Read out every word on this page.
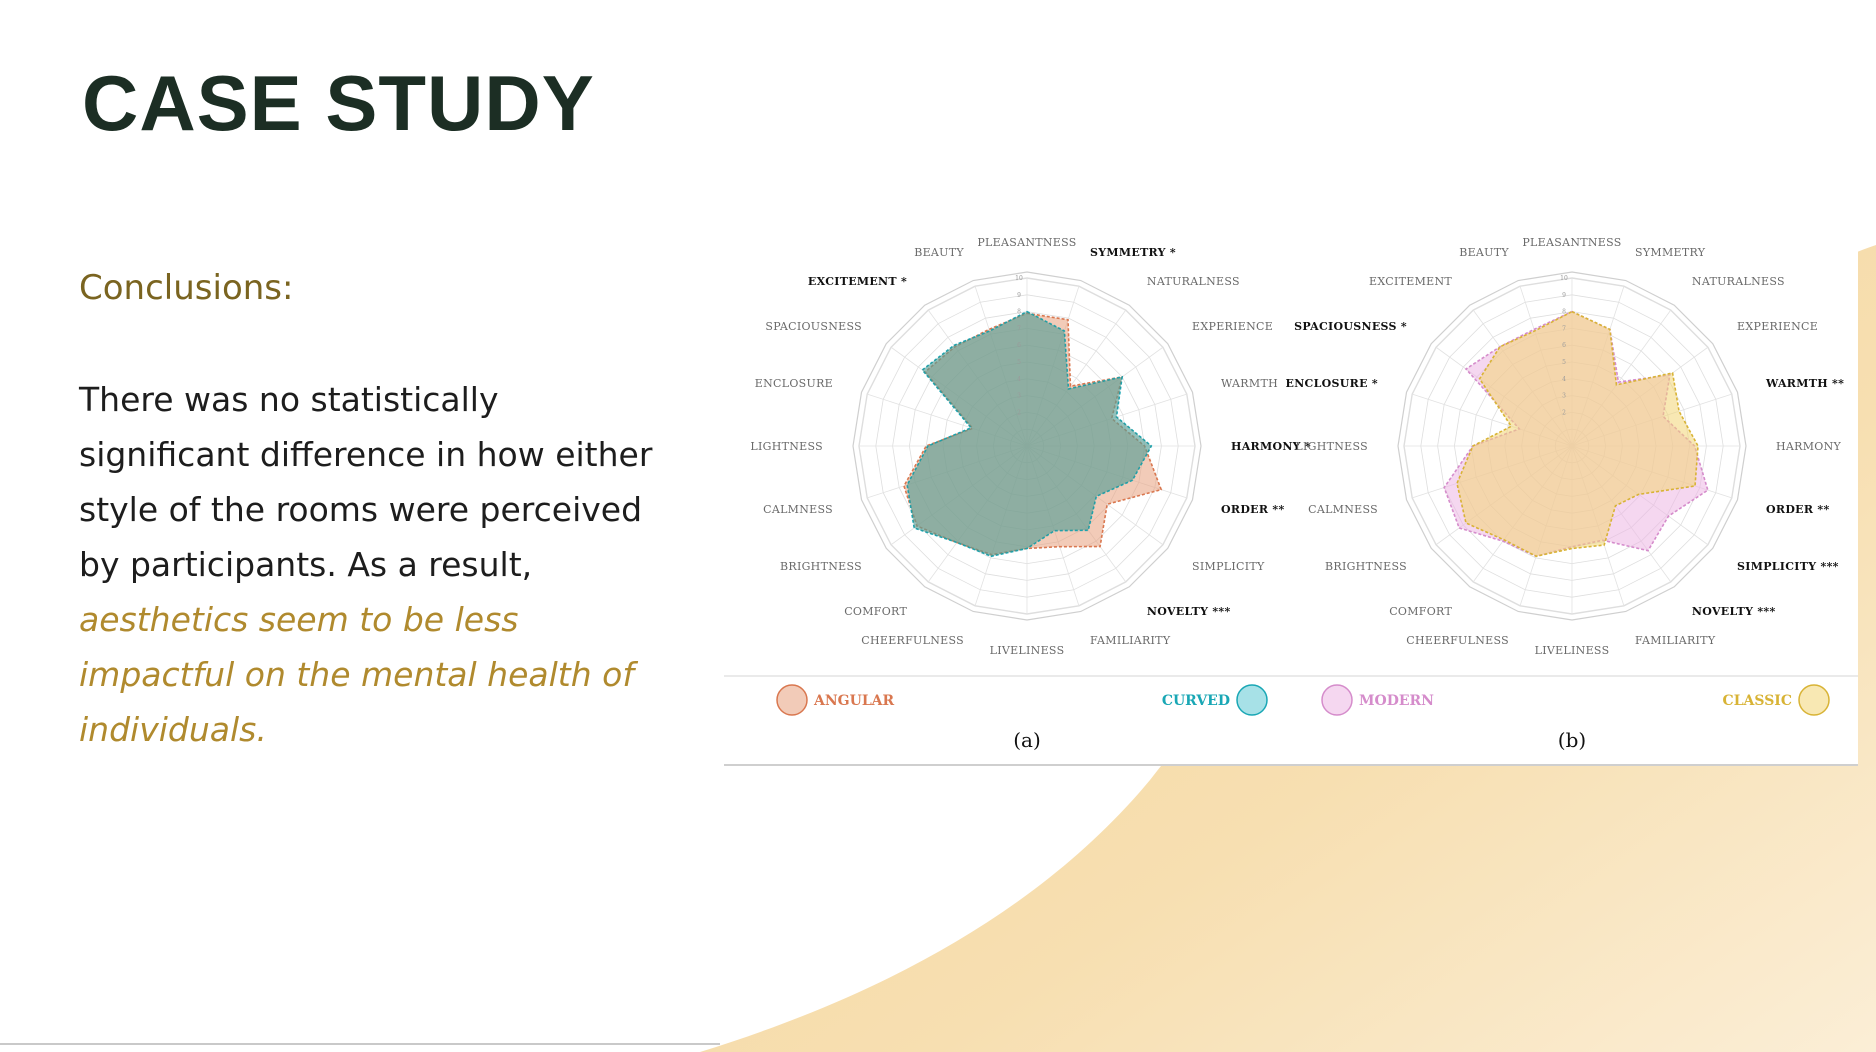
CASE STUDY
Conclusions:
There was no statistically significant difference in how either style of the rooms were perceived by participants. As a result, aesthetics seem to be less impactful on the mental health of individuals.
2
3
4
5
6
7
8
9
10
PLEASANTNESS
SYMMETRY *
NATURALNESS
EXPERIENCE
WARMTH
HARMONY *
ORDER **
SIMPLICITY
NOVELTY ***
FAMILIARITY
LIVELINESS
CHEERFULNESS
COMFORT
BRIGHTNESS
CALMNESS
LIGHTNESS
ENCLOSURE
SPACIOUSNESS
EXCITEMENT *
BEAUTY
ANGULAR	CURVED
(a)
2
3
4
5
6
7
8
9
10
PLEASANTNESS
SYMMETRY
NATURALNESS
EXPERIENCE
WARMTH **
HARMONY
ORDER **
SIMPLICITY ***
NOVELTY ***
FAMILIARITY
LIVELINESS
CHEERFULNESS
COMFORT
BRIGHTNESS
CALMNESS
LIGHTNESS
ENCLOSURE *
SPACIOUSNESS *
EXCITEMENT
BEAUTY
MODERN	CLASSIC
(b)
